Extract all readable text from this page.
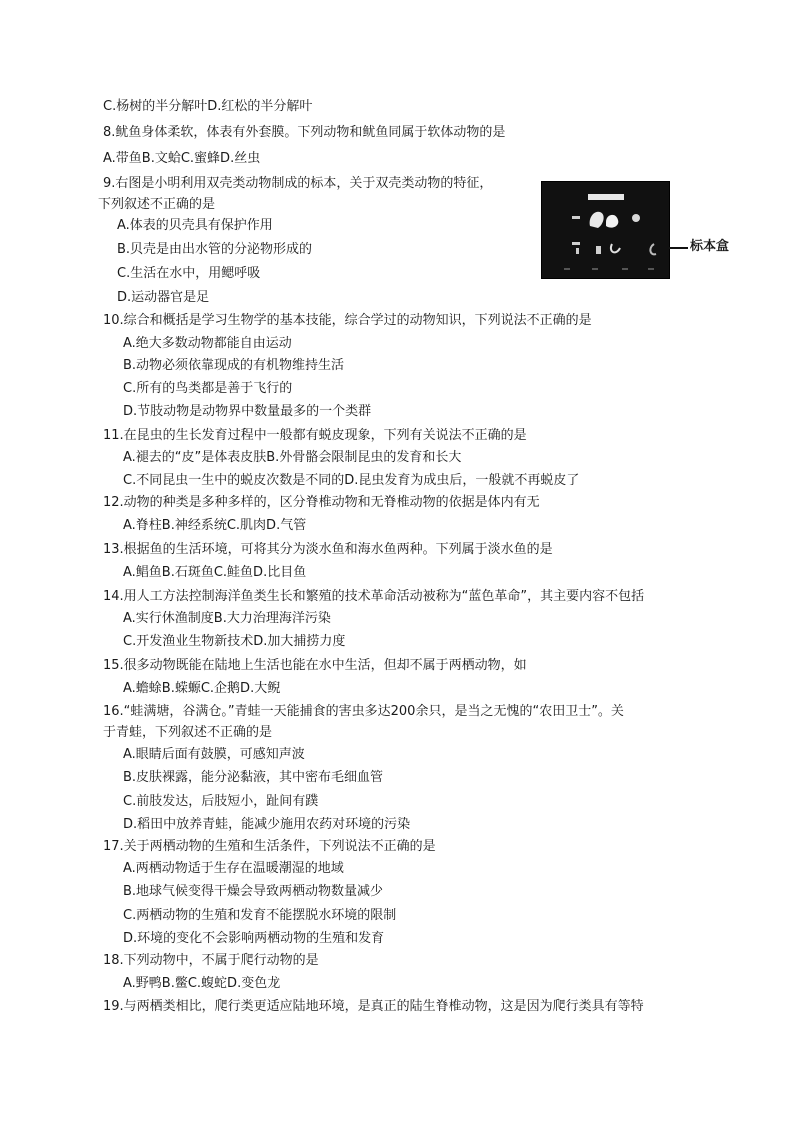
C.杨树的半分解叶D.红松的半分解叶
8.鱿鱼身体柔软，体表有外套膜。下列动物和鱿鱼同属于软体动物的是
A.带鱼B.文蛤C.蜜蜂D.丝虫
9.右图是小明利用双壳类动物制成的标本，关于双壳类动物的特征，
下列叙述不正确的是
A.体表的贝壳具有保护作用
B.贝壳是由出水管的分泌物形成的
C.生活在水中，用鳃呼吸
D.运动器官是足
10.综合和概括是学习生物学的基本技能，综合学过的动物知识，下列说法不正确的是
A.绝大多数动物都能自由运动
B.动物必须依靠现成的有机物维持生活
C.所有的鸟类都是善于飞行的
D.节肢动物是动物界中数量最多的一个类群
11.在昆虫的生长发育过程中一般都有蜕皮现象，下列有关说法不正确的是
A.褪去的“皮”是体表皮肤B.外骨骼会限制昆虫的发育和长大
C.不同昆虫一生中的蜕皮次数是不同的D.昆虫发育为成虫后，一般就不再蜕皮了
12.动物的种类是多种多样的，区分脊椎动物和无脊椎动物的依据是体内有无
A.脊柱B.神经系统C.肌肉D.气管
13.根据鱼的生活环境，可将其分为淡水鱼和海水鱼两种。下列属于淡水鱼的是
A.鲳鱼B.石斑鱼C.鲑鱼D.比目鱼
14.用人工方法控制海洋鱼类生长和繁殖的技术革命活动被称为“蓝色革命”，其主要内容不包括
A.实行休渔制度B.大力治理海洋污染
C.开发渔业生物新技术D.加大捕捞力度
15.很多动物既能在陆地上生活也能在水中生活，但却不属于两栖动物，如
A.蟾蜍B.蝾螈C.企鹅D.大鲵
16.“蛙满塘，谷满仓。”青蛙一天能捕食的害虫多达200余只，是当之无愧的“农田卫士”。关
于青蛙，下列叙述不正确的是
A.眼睛后面有鼓膜，可感知声波
B.皮肤裸露，能分泌黏液，其中密布毛细血管
C.前肢发达，后肢短小，趾间有蹼
D.稻田中放养青蛙，能减少施用农药对环境的污染
17.关于两栖动物的生殖和生活条件，下列说法不正确的是
A.两栖动物适于生存在温暖潮湿的地域
B.地球气候变得干燥会导致两栖动物数量减少
C.两栖动物的生殖和发育不能摆脱水环境的限制
D.环境的变化不会影响两栖动物的生殖和发育
18.下列动物中，不属于爬行动物的是
A.野鸭B.鳖C.蝮蛇D.变色龙
19.与两栖类相比，爬行类更适应陆地环境，是真正的陆生脊椎动物，这是因为爬行类具有等特
标本盒
